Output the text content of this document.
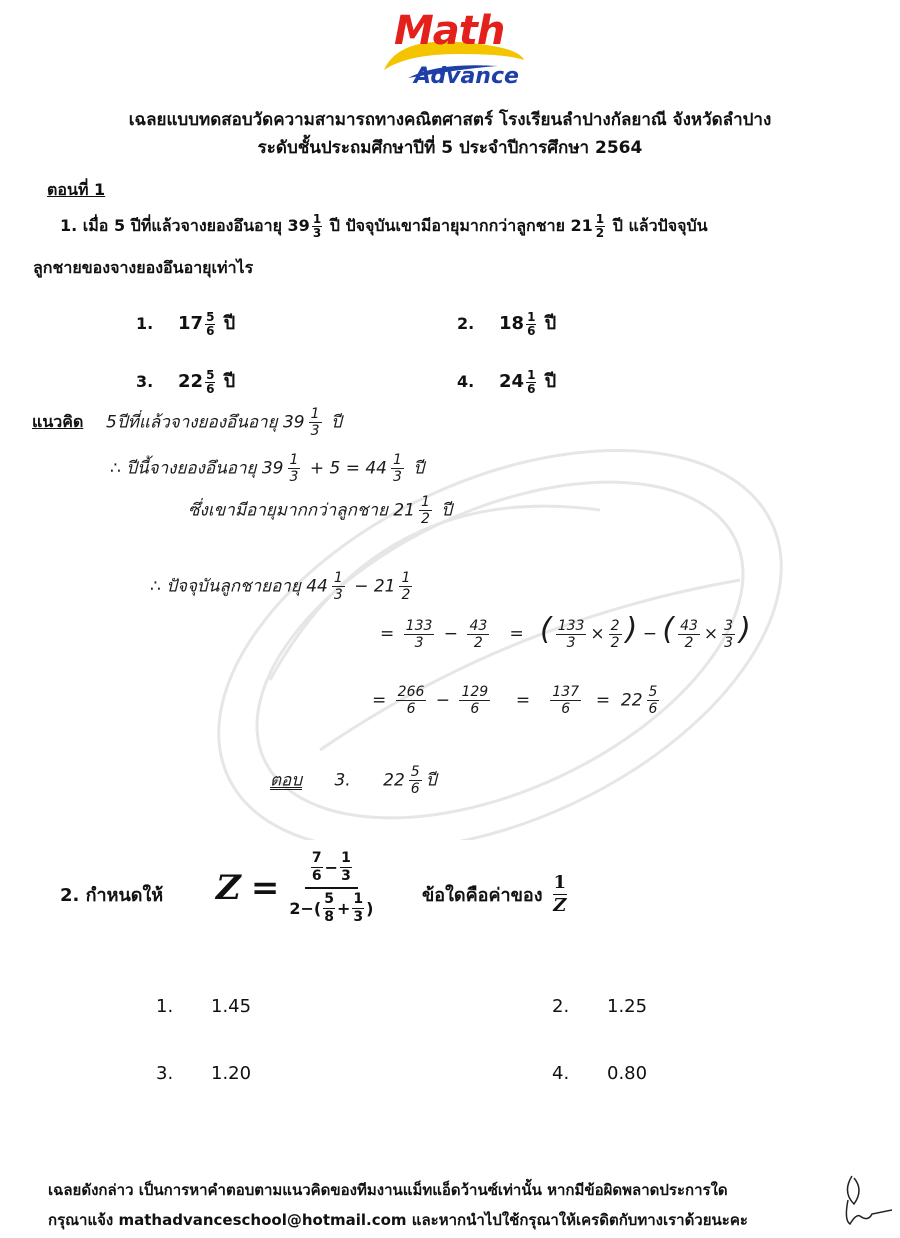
Math
Advance
เฉลยแบบทดสอบวัดความสามารถทางคณิตศาสตร์ โรงเรียนลำปางกัลยาณี จังหวัดลำปาง
ระดับชั้นประถมศึกษาปีที่ 5 ประจำปีการศึกษา 2564
ตอนที่ 1
1. เมื่อ 5 ปีที่แล้วจางยองอึนอายุ $39 \frac{1}{3}$ ปี ปัจจุบันเขามีอายุมากกว่าลูกชาย $21 \frac{1}{2}$ ปี แล้วปัจจุบัน
ลูกชายของจางยองอึนอายุเท่าไร
1. $17 \frac{5}{6}$ ปี	2. $18 \frac{1}{6}$ ปี
3. $22 \frac{5}{6}$ ปี	4. $24 \frac{1}{6}$ ปี
แนวคิด 5ปีที่แล้วจางยองอึนอายุ $39 \frac{1}{3}$ ปี
∴ ปีนี้จางยองอึนอายุ $39 \frac{1}{3} + 5 = 44 \frac{1}{3}$ ปี
ซึ่งเขามีอายุมากกว่าลูกชาย $21 \frac{1}{2}$ ปี
∴ ปัจจุบันลูกชายอายุ $44 \frac{1}{3} - 21 \frac{1}{2}$
= $\frac{133}{3} - \frac{43}{2}$ = ( $\frac{133}{3} \times \frac{2}{2}$ ) − ( $\frac{43}{2} \times \frac{3}{3}$ )
= $\frac{266}{6} - \frac{129}{6} = \frac{137}{6} = 22 \frac{5}{6}$
ตอบ 3. $22 \frac{5}{6}$ ปี
2. กำหนดให้ $Z = \frac{\frac{7}{6} - \frac{1}{3}}{2-( \frac{5}{8} + \frac{1}{3} )}$	ข้อใดคือค่าของ $\frac{1}{Z}$
1. 1.45	2. 1.25
3. 1.20	4. 0.80
เฉลยดังกล่าว เป็นการหาคำตอบตามแนวคิดของทีมงานแม็ทแอ็ดว้านซ์เท่านั้น หากมีข้อผิดพลาดประการใด
กรุณาแจ้ง mathadvanceschool@hotmail.com และหากนำไปใช้กรุณาให้เครดิตกับทางเราด้วยนะคะ
